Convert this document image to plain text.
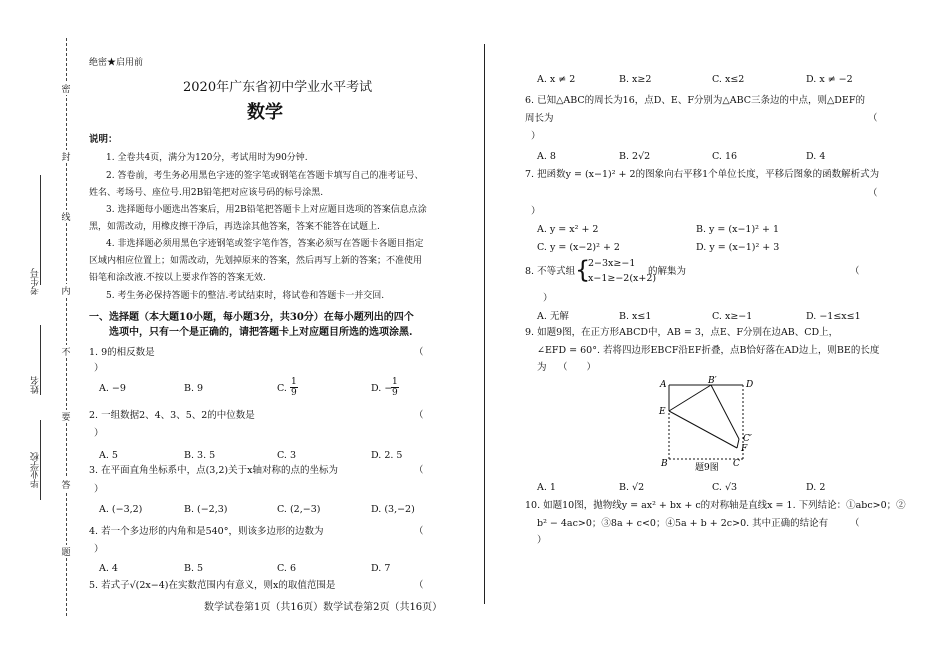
密
封
线
内
不
要
答
题
考生号
姓名
毕业学校
绝密★启用前
2020年广东省初中学业水平考试
数学
说明：
1. 全卷共4页，满分为120分，考试用时为90分钟.
2. 答卷前，考生务必用黑色字迹的签字笔或钢笔在答题卡填写自己的准考证号、
姓名、考场号、座位号.用2B铅笔把对应该号码的标号涂黑.
3. 选择题每小题选出答案后，用2B铅笔把答题卡上对应题目选项的答案信息点涂
黑，如需改动，用橡皮擦干净后，再选涂其他答案，答案不能答在试题上.
4. 非选择题必须用黑色字迹钢笔或签字笔作答，答案必须写在答题卡各题目指定
区域内相应位置上；如需改动，先划掉原来的答案，然后再写上新的答案；不准使用
铅笔和涂改液.不按以上要求作答的答案无效.
5. 考生务必保持答题卡的整洁.考试结束时，将试卷和答题卡一并交回.
一、选择题（本大题10小题，每小题3分，共30分）在每小题列出的四个
选项中，只有一个是正确的，请把答题卡上对应题目所选的选项涂黑.
1. 9的相反数是	（
）
A. −9	B. 9	C. $\frac{1}{9}$	D. −
$\frac{1}{9}$
2. 一组数据2、4、3、5、2的中位数是	（
）
A. 5	B. 3. 5	C. 3	D. 2. 5
3. 在平面直角坐标系中，点(3,2)关于x轴对称的点的坐标为	（
）
A. (−3,2)	B. (−2,3)	C. (2,−3)	D. (3,−2)
4. 若一个多边形的内角和是540°，则该多边形的边数为	（
）
A. 4	B. 5	C. 6	D. 7
5. 若式子√(2x−4)在实数范围内有意义，则x的取值范围是	（
A. x ≠ 2	B. x≥2	C. x≤2	D. x ≠ −2
6. 已知△ABC的周长为16，点D、E、F分别为△ABC三条边的中点，则△DEF的
周长为	（
）
A. 8	B. 2√2	C. 16	D. 4
7. 把函数y = (x−1)² + 2的图象向右平移1个单位长度，平移后图象的函数解析式为
（
）
A. y = x² + 2	B. y = (x−1)² + 1
C. y = (x−2)² + 2	D. y = (x−1)² + 3
8. 不等式组 {
2−3x≥−1
x−1≥−2(x+2)
的解集为	（
）
A. 无解	B. x≤1	C. x≥−1	D. −1≤x≤1
9. 如题9图，在正方形ABCD中，AB = 3，点E、F分别在边AB、CD上，
∠EFD = 60°. 若将四边形EBCF沿EF折叠，点B恰好落在AD边上，则BE的长度
为 （　　）
A	D
B′
E
C′
F
B	C
题9图
A. 1	B. √2	C. √3	D. 2
10. 如题10图，抛物线y = ax² + bx + c的对称轴是直线x = 1. 下列结论：①abc>0；②
b² − 4ac>0；③8a + c<0；④5a + b + 2c>0. 其中正确的结论有 （
）
数学试卷第1页（共16页）数学试卷第2页（共16页）
